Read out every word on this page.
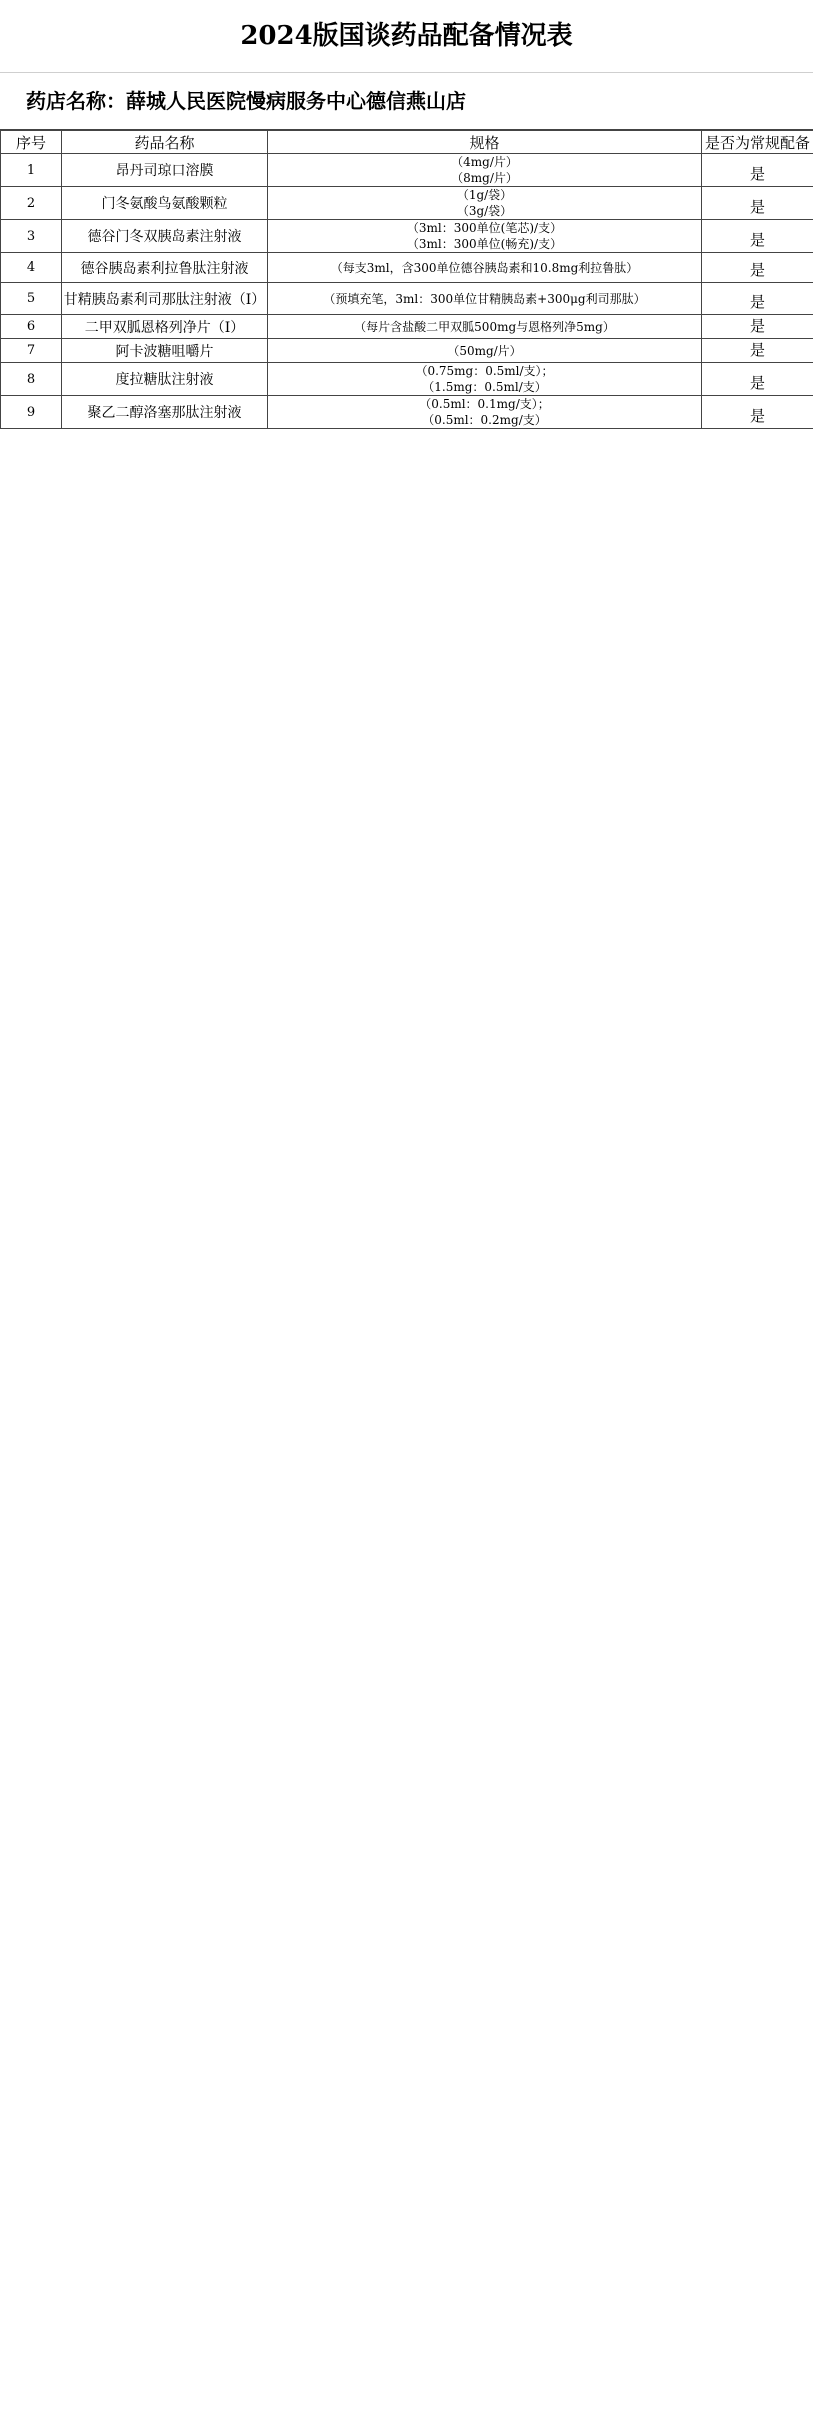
2024版国谈药品配备情况表
药店名称：薛城人民医院慢病服务中心德信燕山店
序号	药品名称	规格	是否为常规配备
1	昂丹司琼口溶膜	（4mg/片）
（8mg/片）	是
2	门冬氨酸鸟氨酸颗粒	（1g/袋）
（3g/袋）	是
3	德谷门冬双胰岛素注射液	（3ml：300单位(笔芯)/支）
（3ml：300单位(畅充)/支）	是
4	德谷胰岛素利拉鲁肽注射液	（每支3ml，含300单位德谷胰岛素和10.8mg利拉鲁肽）	是
5	甘精胰岛素利司那肽注射液（I）	（预填充笔，3ml：300单位甘精胰岛素+300μg利司那肽）	是
6	二甲双胍恩格列净片（I）	（每片含盐酸二甲双胍500mg与恩格列净5mg）	是
7	阿卡波糖咀嚼片	（50mg/片）	是
8	度拉糖肽注射液	（0.75mg：0.5ml/支）；
（1.5mg：0.5ml/支）	是
9	聚乙二醇洛塞那肽注射液	（0.5ml：0.1mg/支）；
（0.5ml：0.2mg/支）	是
